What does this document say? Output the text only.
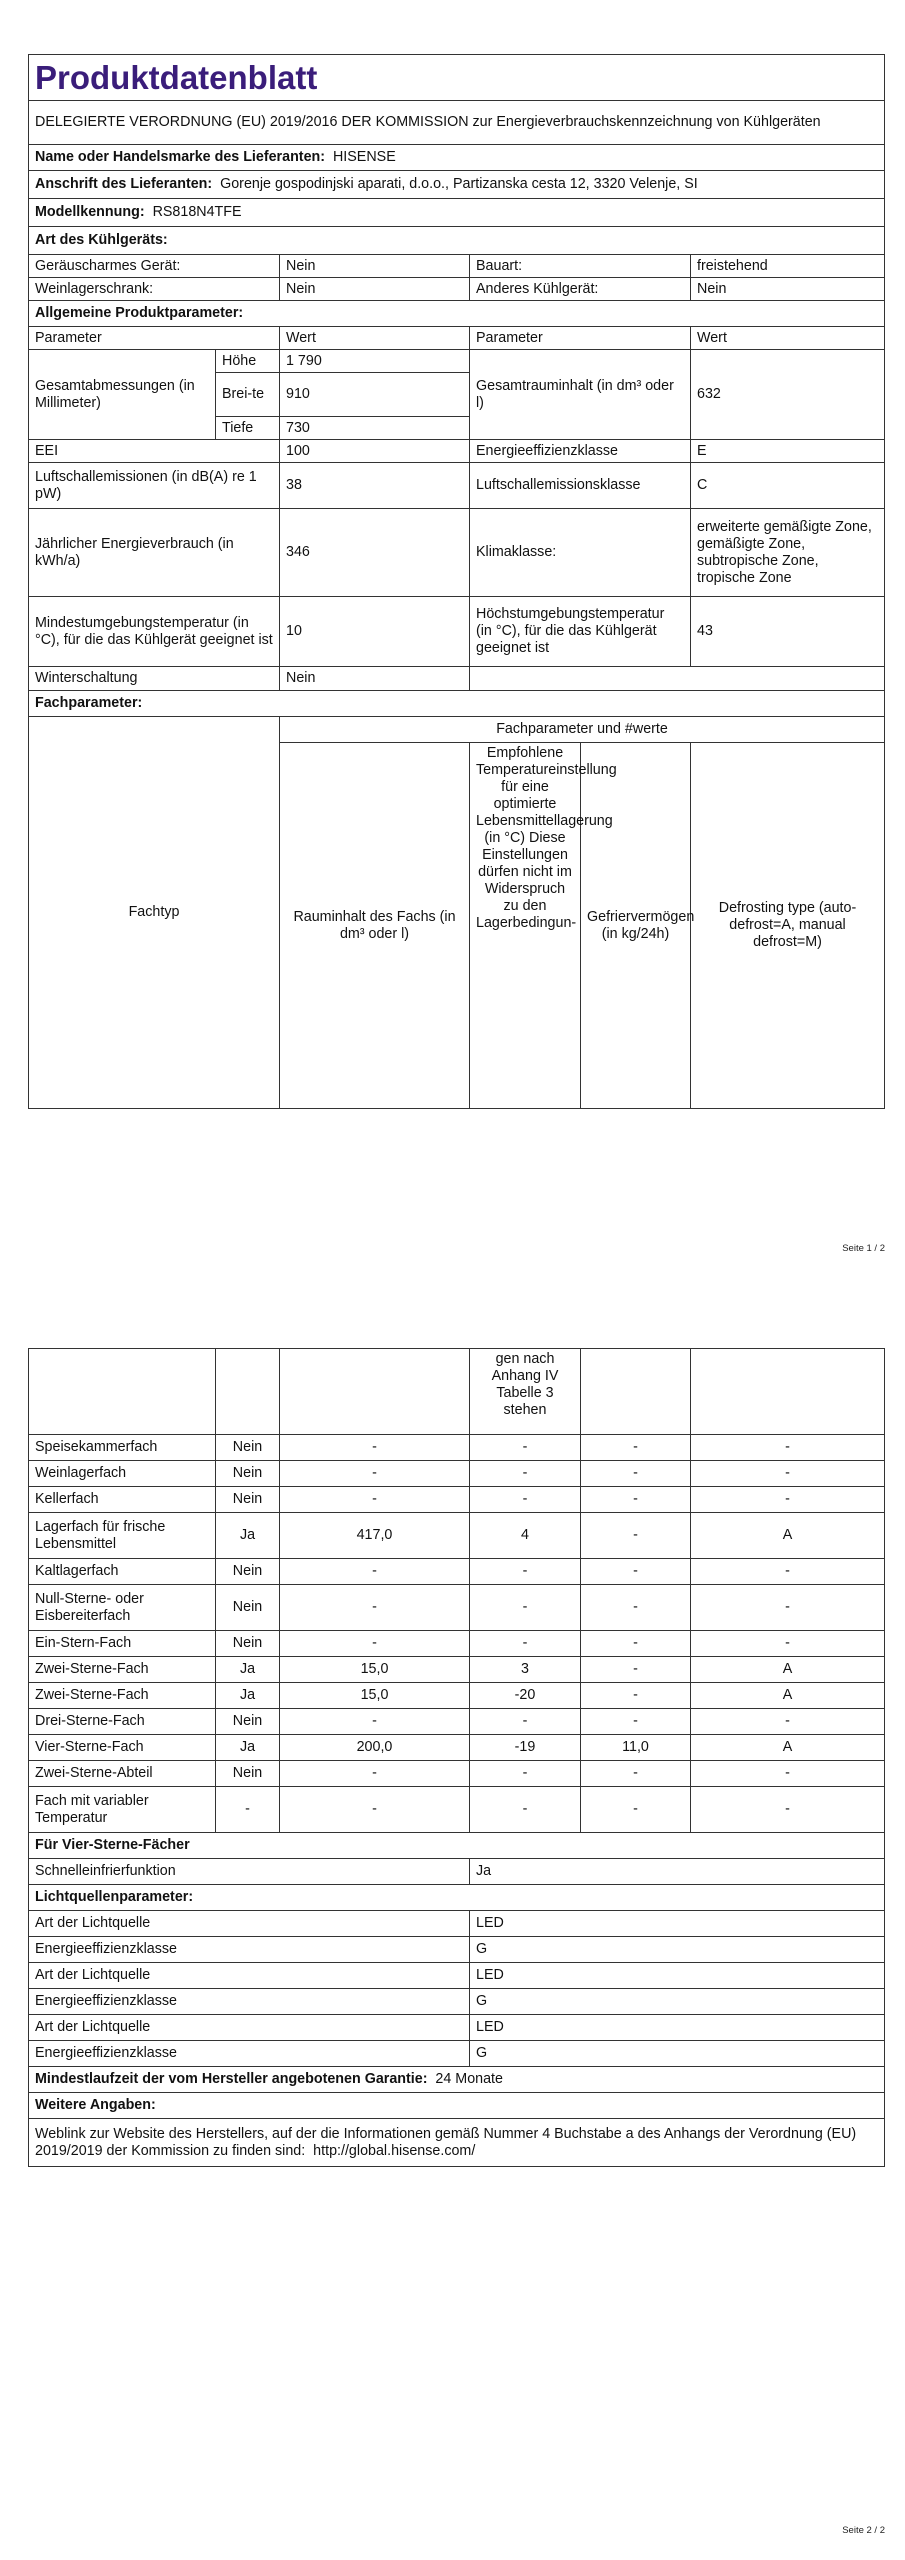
Produktdatenblatt					
DELEGIERTE VERORDNUNG (EU) 2019/2016 DER KOMMISSION zur Energieverbrauchskennzeichnung von Kühlgeräten					
Name oder Handelsmarke des Lieferanten: HISENSE					
Anschrift des Lieferanten: Gorenje gospodinjski aparati, d.o.o., Partizanska cesta 12, 3320 Velenje, SI					
Modellkennung: RS818N4TFE					
Art des Kühlgeräts:					
Geräuscharmes Gerät:		Nein	Bauart:		freistehend
Weinlagerschrank:		Nein	Anderes Kühlgerät:		Nein
Allgemeine Produktparameter:					
Parameter		Wert	Parameter		Wert
Gesamtabmessungen (in Millimeter)	Höhe	1 790	Gesamtrauminhalt (in dm³ oder l)		632
	Brei-te	910			
	Tiefe	730			
EEI		100	Energieeffizienzklasse		E
Luftschallemissionen (in dB(A) re 1 pW)		38	Luftschallemissionsklasse		C
Jährlicher Energieverbrauch (in kWh/a)		346	Klimaklasse:		erweiterte gemäßigte Zone, gemäßigte Zone, subtropische Zone, tropische Zone
Mindestumgebungstemperatur (in °C), für die das Kühlgerät geeignet ist		10	Höchstumgebungstemperatur (in °C), für die das Kühlgerät geeignet ist		43
Winterschaltung		Nein			
Fachparameter:					
Fachtyp		Fachparameter und #werte			
		Rauminhalt des Fachs (in dm³ oder l)	Empfohlene Temperatureinstellung für eine optimierte Lebensmittellagerung (in °C) Diese Einstellungen dürfen nicht im Widerspruch zu den Lagerbedingun-	Gefriervermögen (in kg/24h)	Defrosting type (auto-defrost=A, manual defrost=M)
Seite 1 / 2
			gen nach Anhang IV Tabelle 3 stehen		
Speisekammerfach	Nein	-	-	-	-
Weinlagerfach	Nein	-	-	-	-
Kellerfach	Nein	-	-	-	-
Lagerfach für frische Lebensmittel	Ja	417,0	4	-	A
Kaltlagerfach	Nein	-	-	-	-
Null-Sterne- oder Eisbereiterfach	Nein	-	-	-	-
Ein-Stern-Fach	Nein	-	-	-	-
Zwei-Sterne-Fach	Ja	15,0	3	-	A
Zwei-Sterne-Fach	Ja	15,0	-20	-	A
Drei-Sterne-Fach	Nein	-	-	-	-
Vier-Sterne-Fach	Ja	200,0	-19	11,0	A
Zwei-Sterne-Abteil	Nein	-	-	-	-
Fach mit variabler Temperatur	-	-	-	-	-
Für Vier-Sterne-Fächer					
Schnelleinfrierfunktion			Ja		
Lichtquellenparameter:					
Art der Lichtquelle			LED		
Energieeffizienzklasse			G		
Art der Lichtquelle			LED		
Energieeffizienzklasse			G		
Art der Lichtquelle			LED		
Energieeffizienzklasse			G		
Mindestlaufzeit der vom Hersteller angebotenen Garantie: 24 Monate					
Weitere Angaben:					
Weblink zur Website des Herstellers, auf der die Informationen gemäß Nummer 4 Buchstabe a des Anhangs der Verordnung (EU) 2019/2019 der Kommission zu finden sind: http://global.hisense.com/					
Seite 2 / 2
